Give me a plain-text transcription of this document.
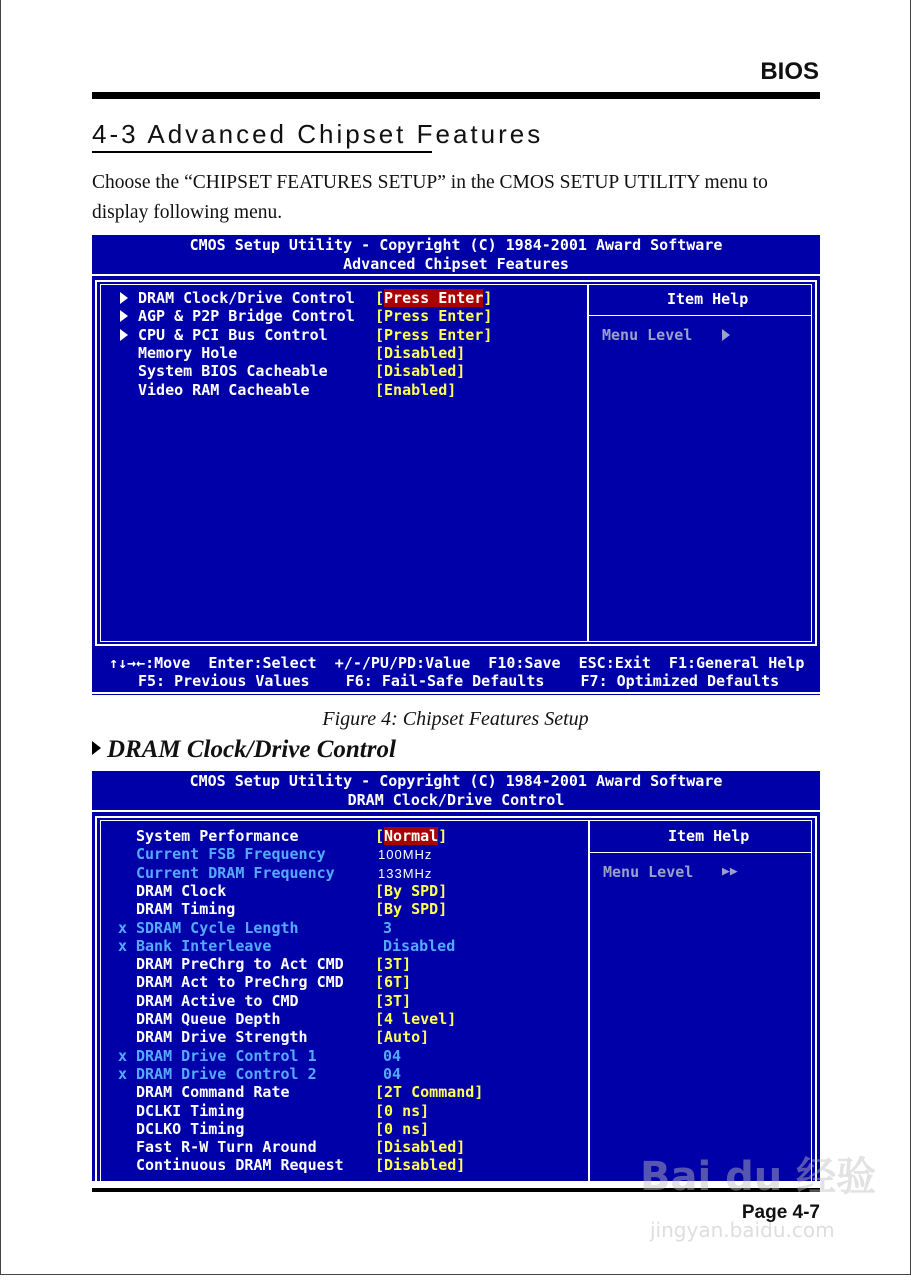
BIOS
4-3 Advanced Chipset Features
Choose the “CHIPSET FEATURES SETUP” in the CMOS SETUP UTILITY menu to display following menu.
CMOS Setup Utility - Copyright (C) 1984-2001 Award Software
Advanced Chipset Features
Item Help
Menu Level
DRAM Clock/Drive Control [Press Enter]
AGP & P2P Bridge Control [Press Enter]
CPU & PCI Bus Control	[Press Enter]
Memory Hole	[Disabled]
System BIOS Cacheable	[Disabled]
Video RAM Cacheable	[Enabled]
↑↓→←:Move  Enter:Select  +/-/PU/PD:Value  F10:Save  ESC:Exit  F1:General Help
F5: Previous Values    F6: Fail-Safe Defaults    F7: Optimized Defaults
Figure 4: Chipset Features Setup
DRAM Clock/Drive Control
CMOS Setup Utility - Copyright (C) 1984-2001 Award Software
DRAM Clock/Drive Control
Item Help
Menu Level ▶▶
System Performance	[Normal]
Current FSB Frequency	100MHz
Current DRAM Frequency	133MHz
DRAM Clock	[By SPD]
DRAM Timing	[By SPD]
x SDRAM Cycle Length	3
x Bank Interleave	Disabled
DRAM PreChrg to Act CMD [3T]
DRAM Act to PreChrg CMD [6T]
DRAM Active to CMD	[3T]
DRAM Queue Depth	[4 level]
DRAM Drive Strength	[Auto]
x DRAM Drive Control 1	04
x DRAM Drive Control 2	04
DRAM Command Rate	[2T Command]
DCLKI Timing	[0 ns]
DCLKO Timing	[0 ns]
Fast R-W Turn Around	[Disabled]
Continuous DRAM Request [Disabled]	Bai du 经验
jingyan.baidu.com
Page 4-7
